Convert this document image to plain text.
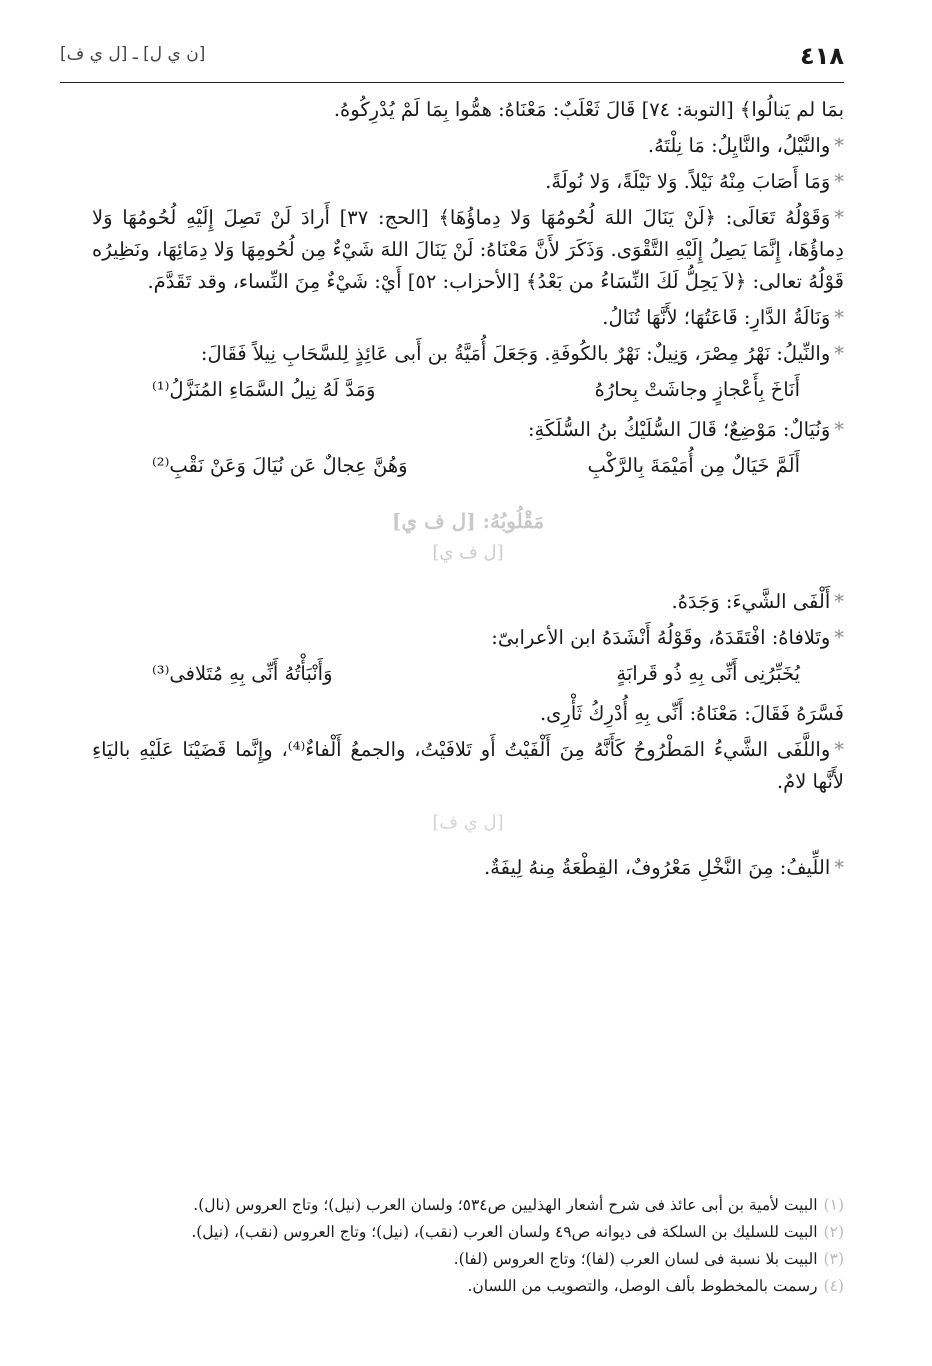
٤١٨
[ن ي ل] ـ [ل ي ف]

بمَا لم يَنالُوا﴾ [التوبة: ٧٤] قَالَ ثَعْلَبٌ: مَعْنَاهُ: همُّوا بِمَا لَمْ يُدْرِكُوهُ.

*والنَّيْلُ، والنَّايِلُ: مَا نِلْتَهُ.

*وَمَا أَصَابَ مِنْهُ نَيْلاً. وَلا نَيْلَةً، وَلا نُولَةً.

*وَقَوْلُهُ تَعَالَى: ﴿لَنْ يَنَالَ اللهَ لُحُومُهَا وَلا دِماؤُهَا﴾ [الحج: ٣٧] أَرادَ لَنْ تَصِلَ إِلَيْهِ لُحُومُهَا وَلا دِماؤُهَا، إِنَّمَا يَصِلُ إِلَيْهِ التَّقْوَى. وَذَكَرَ لأَنَّ مَعْنَاهُ: لَنْ يَنَالَ اللهَ شَيْءٌ مِن لُحُومِهَا وَلا دِمَائِهَا، ونَظِيرُه قَوْلُهُ تعالى: ﴿لاَ يَحِلُّ لَكَ النِّسَاءُ من بَعْدُ﴾ [الأحزاب: ٥٢] أَيْ: شَيْءٌ مِنَ النِّساء، وقد تَقَدَّمَ.

*وَنَالَةُ الدَّارِ: قَاعَتُهَا؛ لأَنَّهَا تُنَالُ.

*والنِّيلُ: نَهْرُ مِصْرَ، وَنِيلٌ: نَهْرٌ بالكُوفَةِ. وَجَعَلَ أُمَيَّةُ بن أَبى عَائِذٍ لِلسَّحَابِ نِيلاً فَقَالَ:

أَنَاخَ بِأَعْجازٍ وجاشَتْ بِحارُهُ
وَمَدَّ لَهُ نِيلُ السَّمَاءِ المُنَزَّلُ⁽¹⁾

*وَنُيَالٌ: مَوْضِعٌ؛ قَالَ السُّلَيْكُ بنُ السُّلَكَةِ:

أَلَمَّ خَيَالٌ مِن أُمَيْمَةَ بِالرَّكْبِ
وَهُنَّ عِجالٌ عَن نُيَالَ وَعَنْ نَقْبِ⁽²⁾
مَقْلُوبُهُ: [ل ف ي]
[ل ف ي]

*أَلْفَى الشَّيءَ: وَجَدَهُ.

*وتَلافاهُ: افْتَقَدَهُ، وقَوْلُهُ أَنْشَدَهُ ابن الأعرابىّ:

يُخَبِّرُنِى أَنِّى بِهِ ذُو قَرابَةٍ
وَأَنْبَأْتُهُ أَنِّى بِهِ مُتَلافى⁽³⁾

فَسَّرَهُ فَقَالَ: مَعْنَاهُ: أَنِّى بِهِ أُدْرِكُ ثَأْرِى.

*واللَّفَى الشَّيءُ المَطْرُوحُ كَأَنَّهُ مِنَ أَلْفَيْتُ أَو تَلافَيْتُ، والجمعُ أَلْفاءٌ⁽⁴⁾، وإِنَّما قَضَيْنَا عَلَيْهِ باليَاءِ لأَنَّها لامٌ.

[ل ي ف]

*اللِّيفُ: مِنَ النَّخْلِ مَعْرُوفٌ، القِطْعَةُ مِنهُ لِيفَةٌ.

(١)البيت لأمية بن أبى عائذ فى شرح أشعار الهذليين ص٥٣٤؛ ولسان العرب (نيل)؛ وتاج العروس (نال).

(٢)البيت للسليك بن السلكة فى ديوانه ص٤٩ ولسان العرب (نقب)، (نيل)؛ وتاج العروس (نقب)، (نيل).

(٣)البيت بلا نسبة فى لسان العرب (لفا)؛ وتاج العروس (لفا).

(٤)رسمت بالمخطوط بألف الوصل، والتصويب من اللسان.
